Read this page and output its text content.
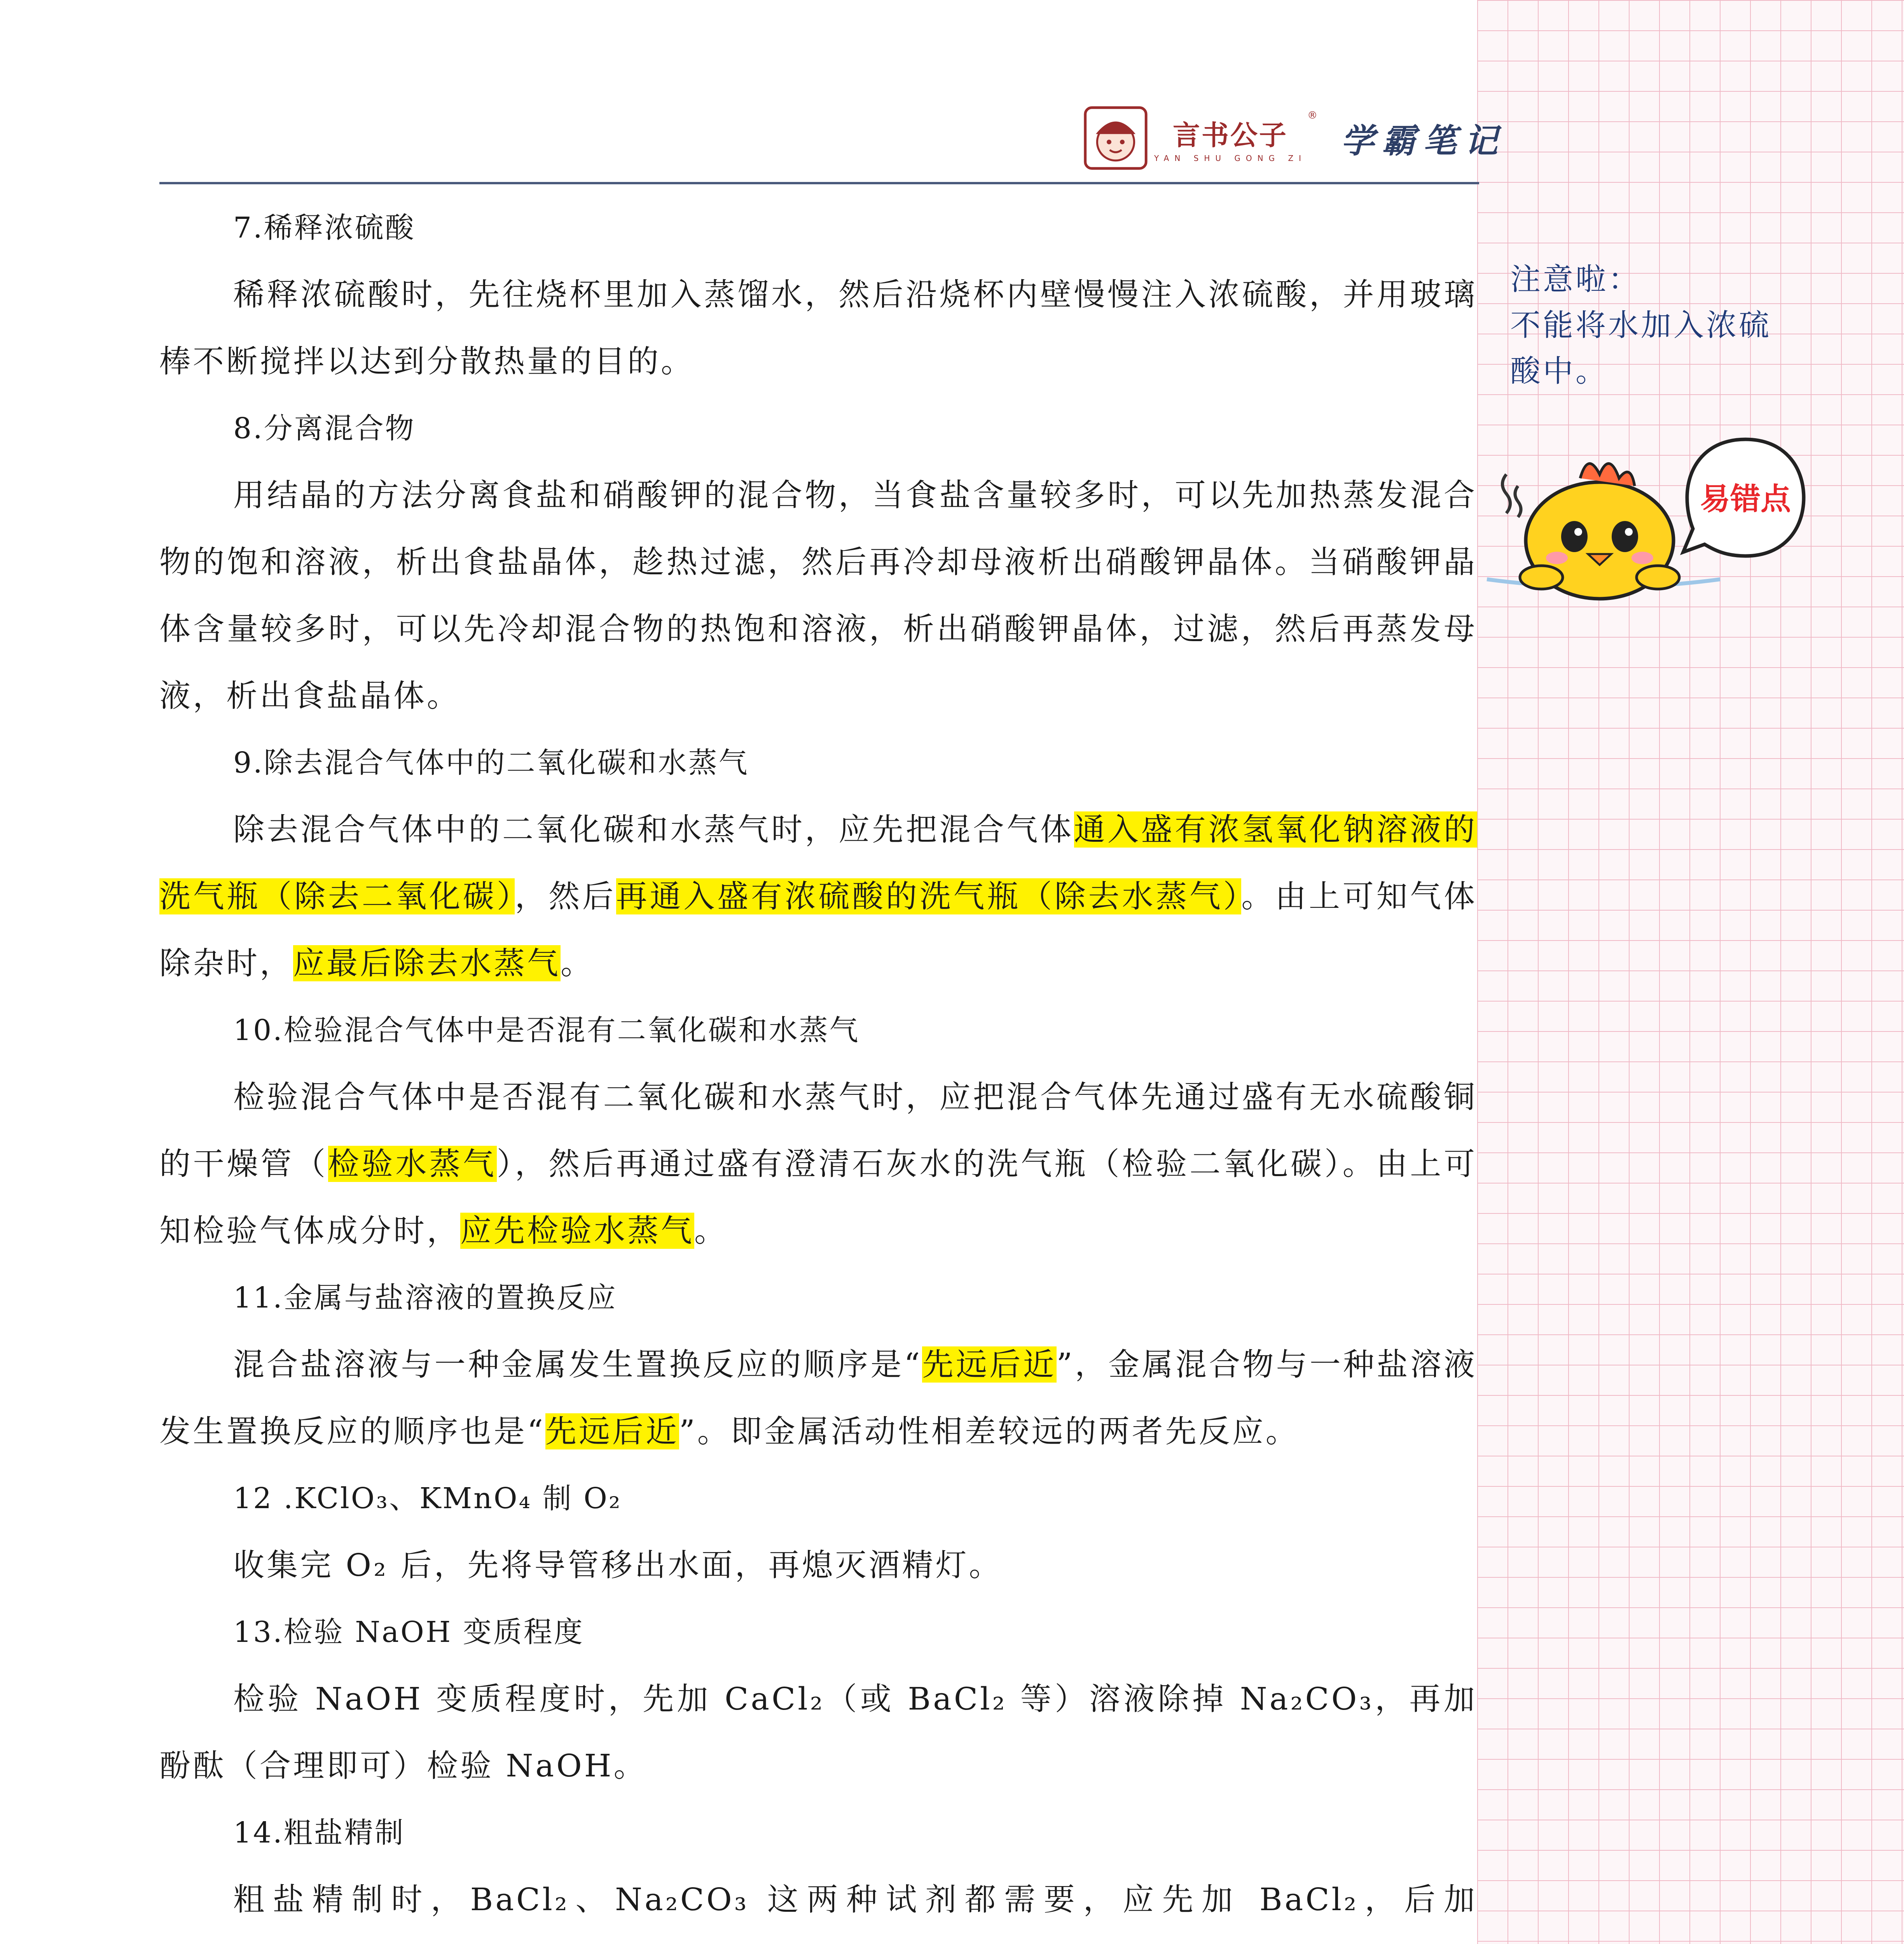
言书公子
YAN SHU GONG ZI
®
学霸笔记

7.稀释浓硫酸

稀释浓硫酸时，先往烧杯里加入蒸馏水，然后沿烧杯内壁慢慢注入浓硫酸，并用玻璃棒不断搅拌以达到分散热量的目的。

8.分离混合物

用结晶的方法分离食盐和硝酸钾的混合物，当食盐含量较多时，可以先加热蒸发混合物的饱和溶液，析出食盐晶体，趁热过滤，然后再冷却母液析出硝酸钾晶体。当硝酸钾晶体含量较多时，可以先冷却混合物的热饱和溶液，析出硝酸钾晶体，过滤，然后再蒸发母液，析出食盐晶体。

9.除去混合气体中的二氧化碳和水蒸气

除去混合气体中的二氧化碳和水蒸气时，应先把混合气体通入盛有浓氢氧化钠溶液的洗气瓶（除去二氧化碳），然后再通入盛有浓硫酸的洗气瓶（除去水蒸气）。由上可知气体除杂时，应最后除去水蒸气。

10.检验混合气体中是否混有二氧化碳和水蒸气

检验混合气体中是否混有二氧化碳和水蒸气时，应把混合气体先通过盛有无水硫酸铜的干燥管（检验水蒸气），然后再通过盛有澄清石灰水的洗气瓶（检验二氧化碳）。由上可知检验气体成分时，应先检验水蒸气。

11.金属与盐溶液的置换反应

混合盐溶液与一种金属发生置换反应的顺序是“先远后近”，金属混合物与一种盐溶液发生置换反应的顺序也是“先远后近”。即金属活动性相差较远的两者先反应。

12 .KClO₃、KMnO₄ 制 O₂

收集完 O₂ 后，先将导管移出水面，再熄灭酒精灯。

13.检验 NaOH 变质程度

检验 NaOH 变质程度时，先加 CaCl₂（或 BaCl₂ 等）溶液除掉 Na₂CO₃，再加酚酞（合理即可）检验 NaOH。

14.粗盐精制

粗盐精制时，BaCl₂、Na₂CO₃ 这两种试剂都需要，应先加 BaCl₂，后加

注意啦：
不能将水加入浓硫
酸中。
易错点
